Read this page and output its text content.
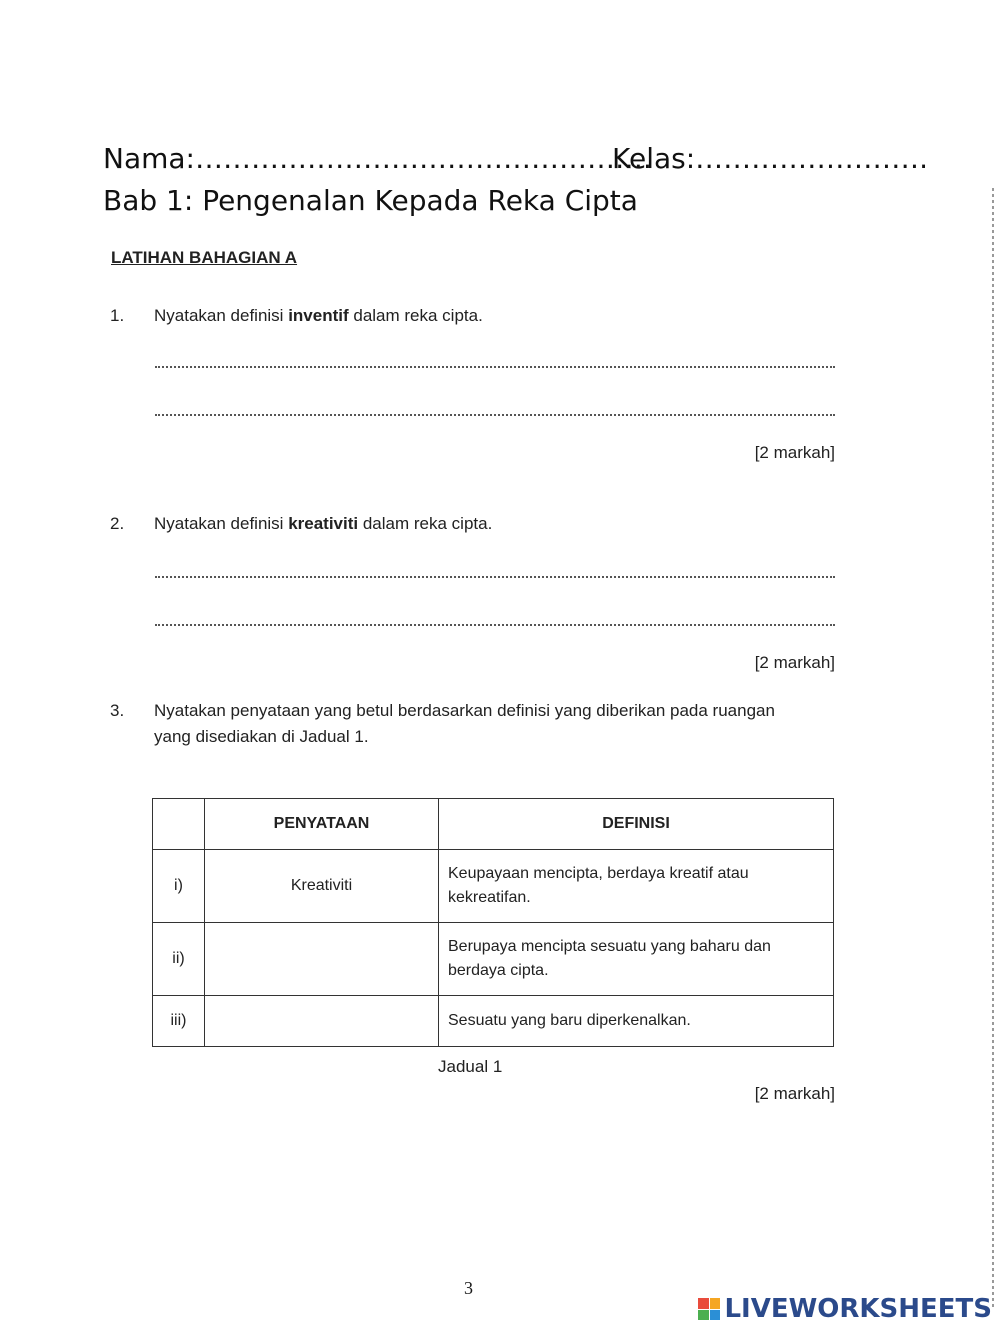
Nama:………………………………………….
Kelas:…………………….
Bab 1: Pengenalan Kepada Reka Cipta
LATIHAN BAHAGIAN A
1. Nyatakan definisi inventif dalam reka cipta.
[2 markah]
2. Nyatakan definisi kreativiti dalam reka cipta.
[2 markah]
3. Nyatakan penyataan yang betul berdasarkan definisi yang diberikan pada ruangan
yang disediakan di Jadual 1.
	PENYATAAN	DEFINISI
i)	Kreativiti	Keupayaan mencipta, berdaya kreatif atau
kekreatifan.
ii)		Berupaya mencipta sesuatu yang baharu dan
berdaya cipta.
iii)		Sesuatu yang baru diperkenalkan.
Jadual 1
[2 markah]
3
LIVEWORKSHEETS
